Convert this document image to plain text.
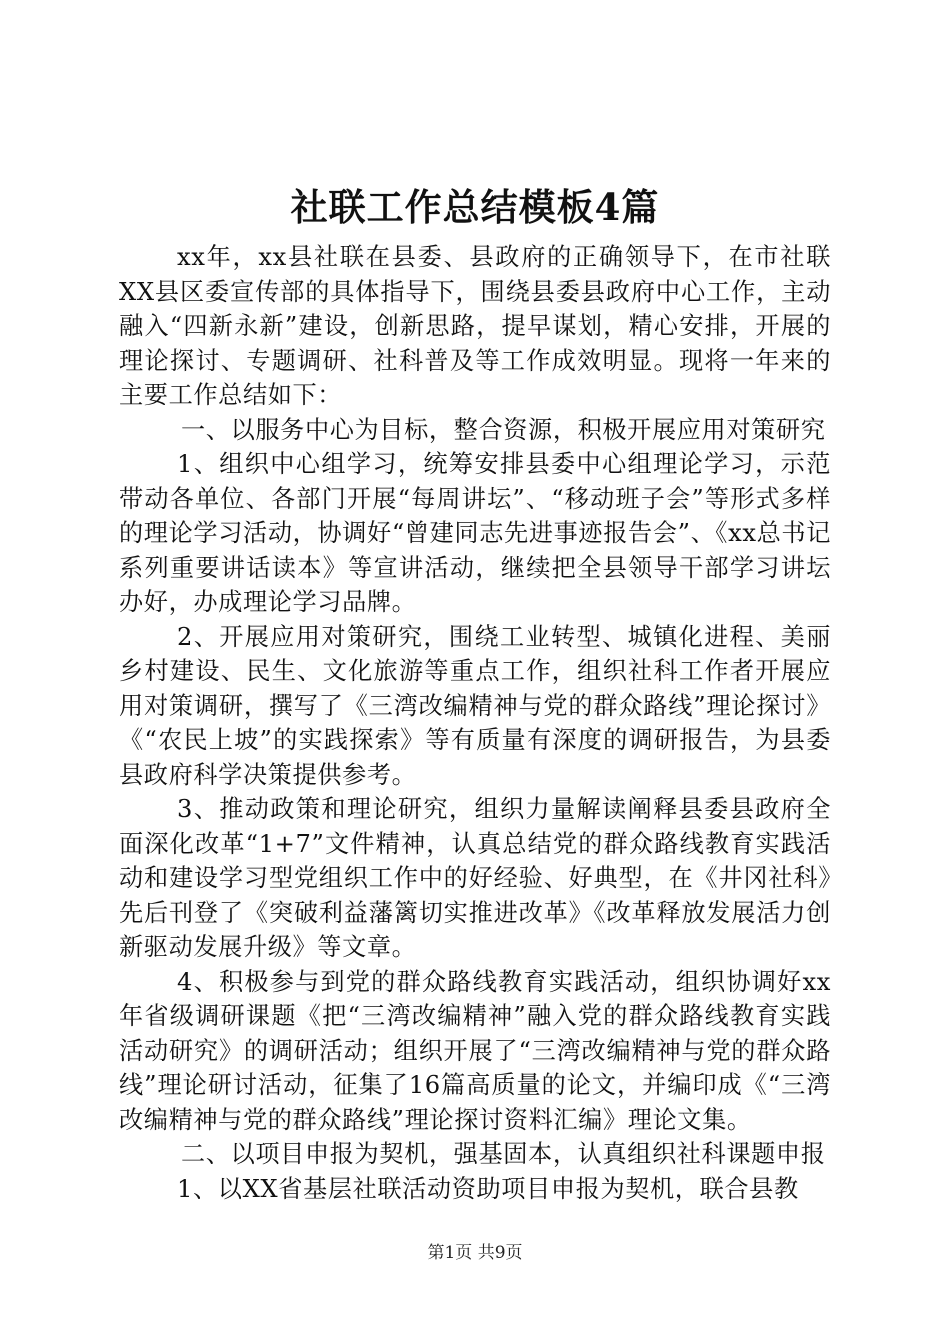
社联工作总结模板4篇

xx年，xx县社联在县委、县政府的正确领导下，在市社联XX县区委宣传部的具体指导下，围绕县委县政府中心工作，主动融入“四新永新”建设，创新思路，提早谋划，精心安排，开展的理论探讨、专题调研、社科普及等工作成效明显。现将一年来的主要工作总结如下：

一、以服务中心为目标，整合资源，积极开展应用对策研究

1、组织中心组学习，统筹安排县委中心组理论学习，示范带动各单位、各部门开展“每周讲坛”、“移动班子会”等形式多样的理论学习活动，协调好“曾建同志先进事迹报告会”、《xx总书记系列重要讲话读本》等宣讲活动，继续把全县领导干部学习讲坛办好，办成理论学习品牌。

2、开展应用对策研究，围绕工业转型、城镇化进程、美丽乡村建设、民生、文化旅游等重点工作，组织社科工作者开展应用对策调研，撰写了《三湾改编精神与党的群众路线”理论探讨》《“农民上坡”的实践探索》等有质量有深度的调研报告，为县委县政府科学决策提供参考。

3、推动政策和理论研究，组织力量解读阐释县委县政府全面深化改革“1+7”文件精神，认真总结党的群众路线教育实践活动和建设学习型党组织工作中的好经验、好典型，在《井冈社科》先后刊登了《突破利益藩篱切实推进改革》《改革释放发展活力创新驱动发展升级》等文章。

4、积极参与到党的群众路线教育实践活动，组织协调好xx年省级调研课题《把“三湾改编精神”融入党的群众路线教育实践活动研究》的调研活动；组织开展了“三湾改编精神与党的群众路线”理论研讨活动，征集了16篇高质量的论文，并编印成《“三湾改编精神与党的群众路线”理论探讨资料汇编》理论文集。

二、以项目申报为契机，强基固本，认真组织社科课题申报

1、以XX省基层社联活动资助项目申报为契机，联合县教

第1页 共9页
